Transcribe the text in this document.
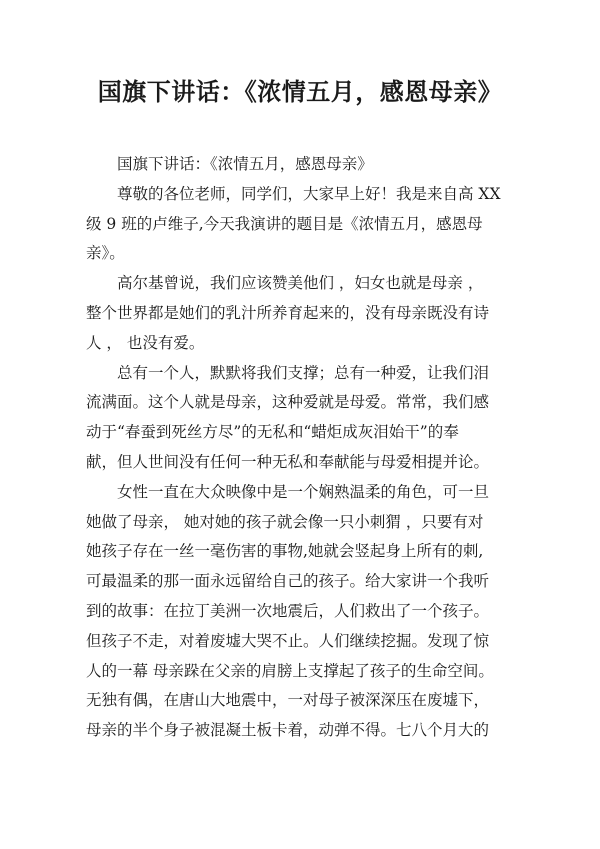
国旗下讲话：《浓情五月，感恩母亲》
国旗下讲话：《浓情五月，感恩母亲》
尊敬的各位老师，同学们，大家早上好！我是来自高 XX
级 9 班的卢维子,今天我演讲的题目是《浓情五月，感恩母
亲》。
高尔基曾说，我们应该赞美他们 ，妇女也就是母亲 ，
整个世界都是她们的乳汁所养育起来的，没有母亲既没有诗
人 ， 也没有爱。
总有一个人，默默将我们支撑；总有一种爱，让我们泪
流满面。这个人就是母亲，这种爱就是母爱。常常，我们感
动于“春蚕到死丝方尽”的无私和“蜡炬成灰泪始干”的奉
献，但人世间没有任何一种无私和奉献能与母爱相提并论。
女性一直在大众映像中是一个娴熟温柔的角色，可一旦
她做了母亲， 她对她的孩子就会像一只小刺猬 ，只要有对
她孩子存在一丝一毫伤害的事物,她就会竖起身上所有的刺,
可最温柔的那一面永远留给自己的孩子。给大家讲一个我听
到的故事：在拉丁美洲一次地震后，人们救出了一个孩子。
但孩子不走，对着废墟大哭不止。人们继续挖掘。发现了惊
人的一幕 母亲跺在父亲的肩膀上支撑起了孩子的生命空间。
无独有偶，在唐山大地震中，一对母子被深深压在废墟下，
母亲的半个身子被混凝土板卡着，动弹不得。七八个月大的
